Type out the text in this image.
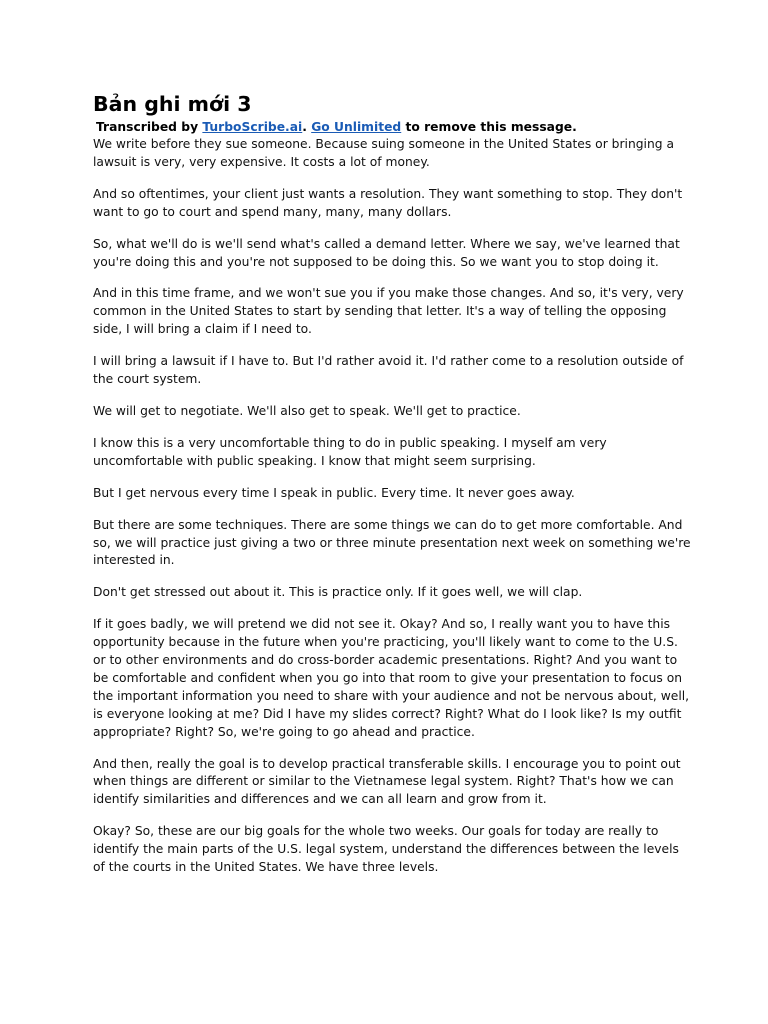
Bản ghi mới 3
Transcribed by TurboScribe.ai. Go Unlimited to remove this message.

We write before they sue someone. Because suing someone in the United States or bringing a lawsuit is very, very expensive. It costs a lot of money.

And so oftentimes, your client just wants a resolution. They want something to stop. They don't want to go to court and spend many, many, many dollars.

So, what we'll do is we'll send what's called a demand letter. Where we say, we've learned that you're doing this and you're not supposed to be doing this. So we want you to stop doing it.

And in this time frame, and we won't sue you if you make those changes. And so, it's very, very common in the United States to start by sending that letter. It's a way of telling the opposing side, I will bring a claim if I need to.

I will bring a lawsuit if I have to. But I'd rather avoid it. I'd rather come to a resolution outside of the court system.

We will get to negotiate. We'll also get to speak. We'll get to practice.

I know this is a very uncomfortable thing to do in public speaking. I myself am very uncomfortable with public speaking. I know that might seem surprising.

But I get nervous every time I speak in public. Every time. It never goes away.

But there are some techniques. There are some things we can do to get more comfortable. And so, we will practice just giving a two or three minute presentation next week on something we're interested in.

Don't get stressed out about it. This is practice only. If it goes well, we will clap.

If it goes badly, we will pretend we did not see it. Okay? And so, I really want you to have this opportunity because in the future when you're practicing, you'll likely want to come to the U.S. or to other environments and do cross-border academic presentations. Right? And you want to be comfortable and confident when you go into that room to give your presentation to focus on the important information you need to share with your audience and not be nervous about, well, is everyone looking at me? Did I have my slides correct? Right? What do I look like? Is my outfit appropriate? Right? So, we're going to go ahead and practice.

And then, really the goal is to develop practical transferable skills. I encourage you to point out when things are different or similar to the Vietnamese legal system. Right? That's how we can identify similarities and differences and we can all learn and grow from it.

Okay? So, these are our big goals for the whole two weeks. Our goals for today are really to identify the main parts of the U.S. legal system, understand the differences between the levels of the courts in the United States. We have three levels.
